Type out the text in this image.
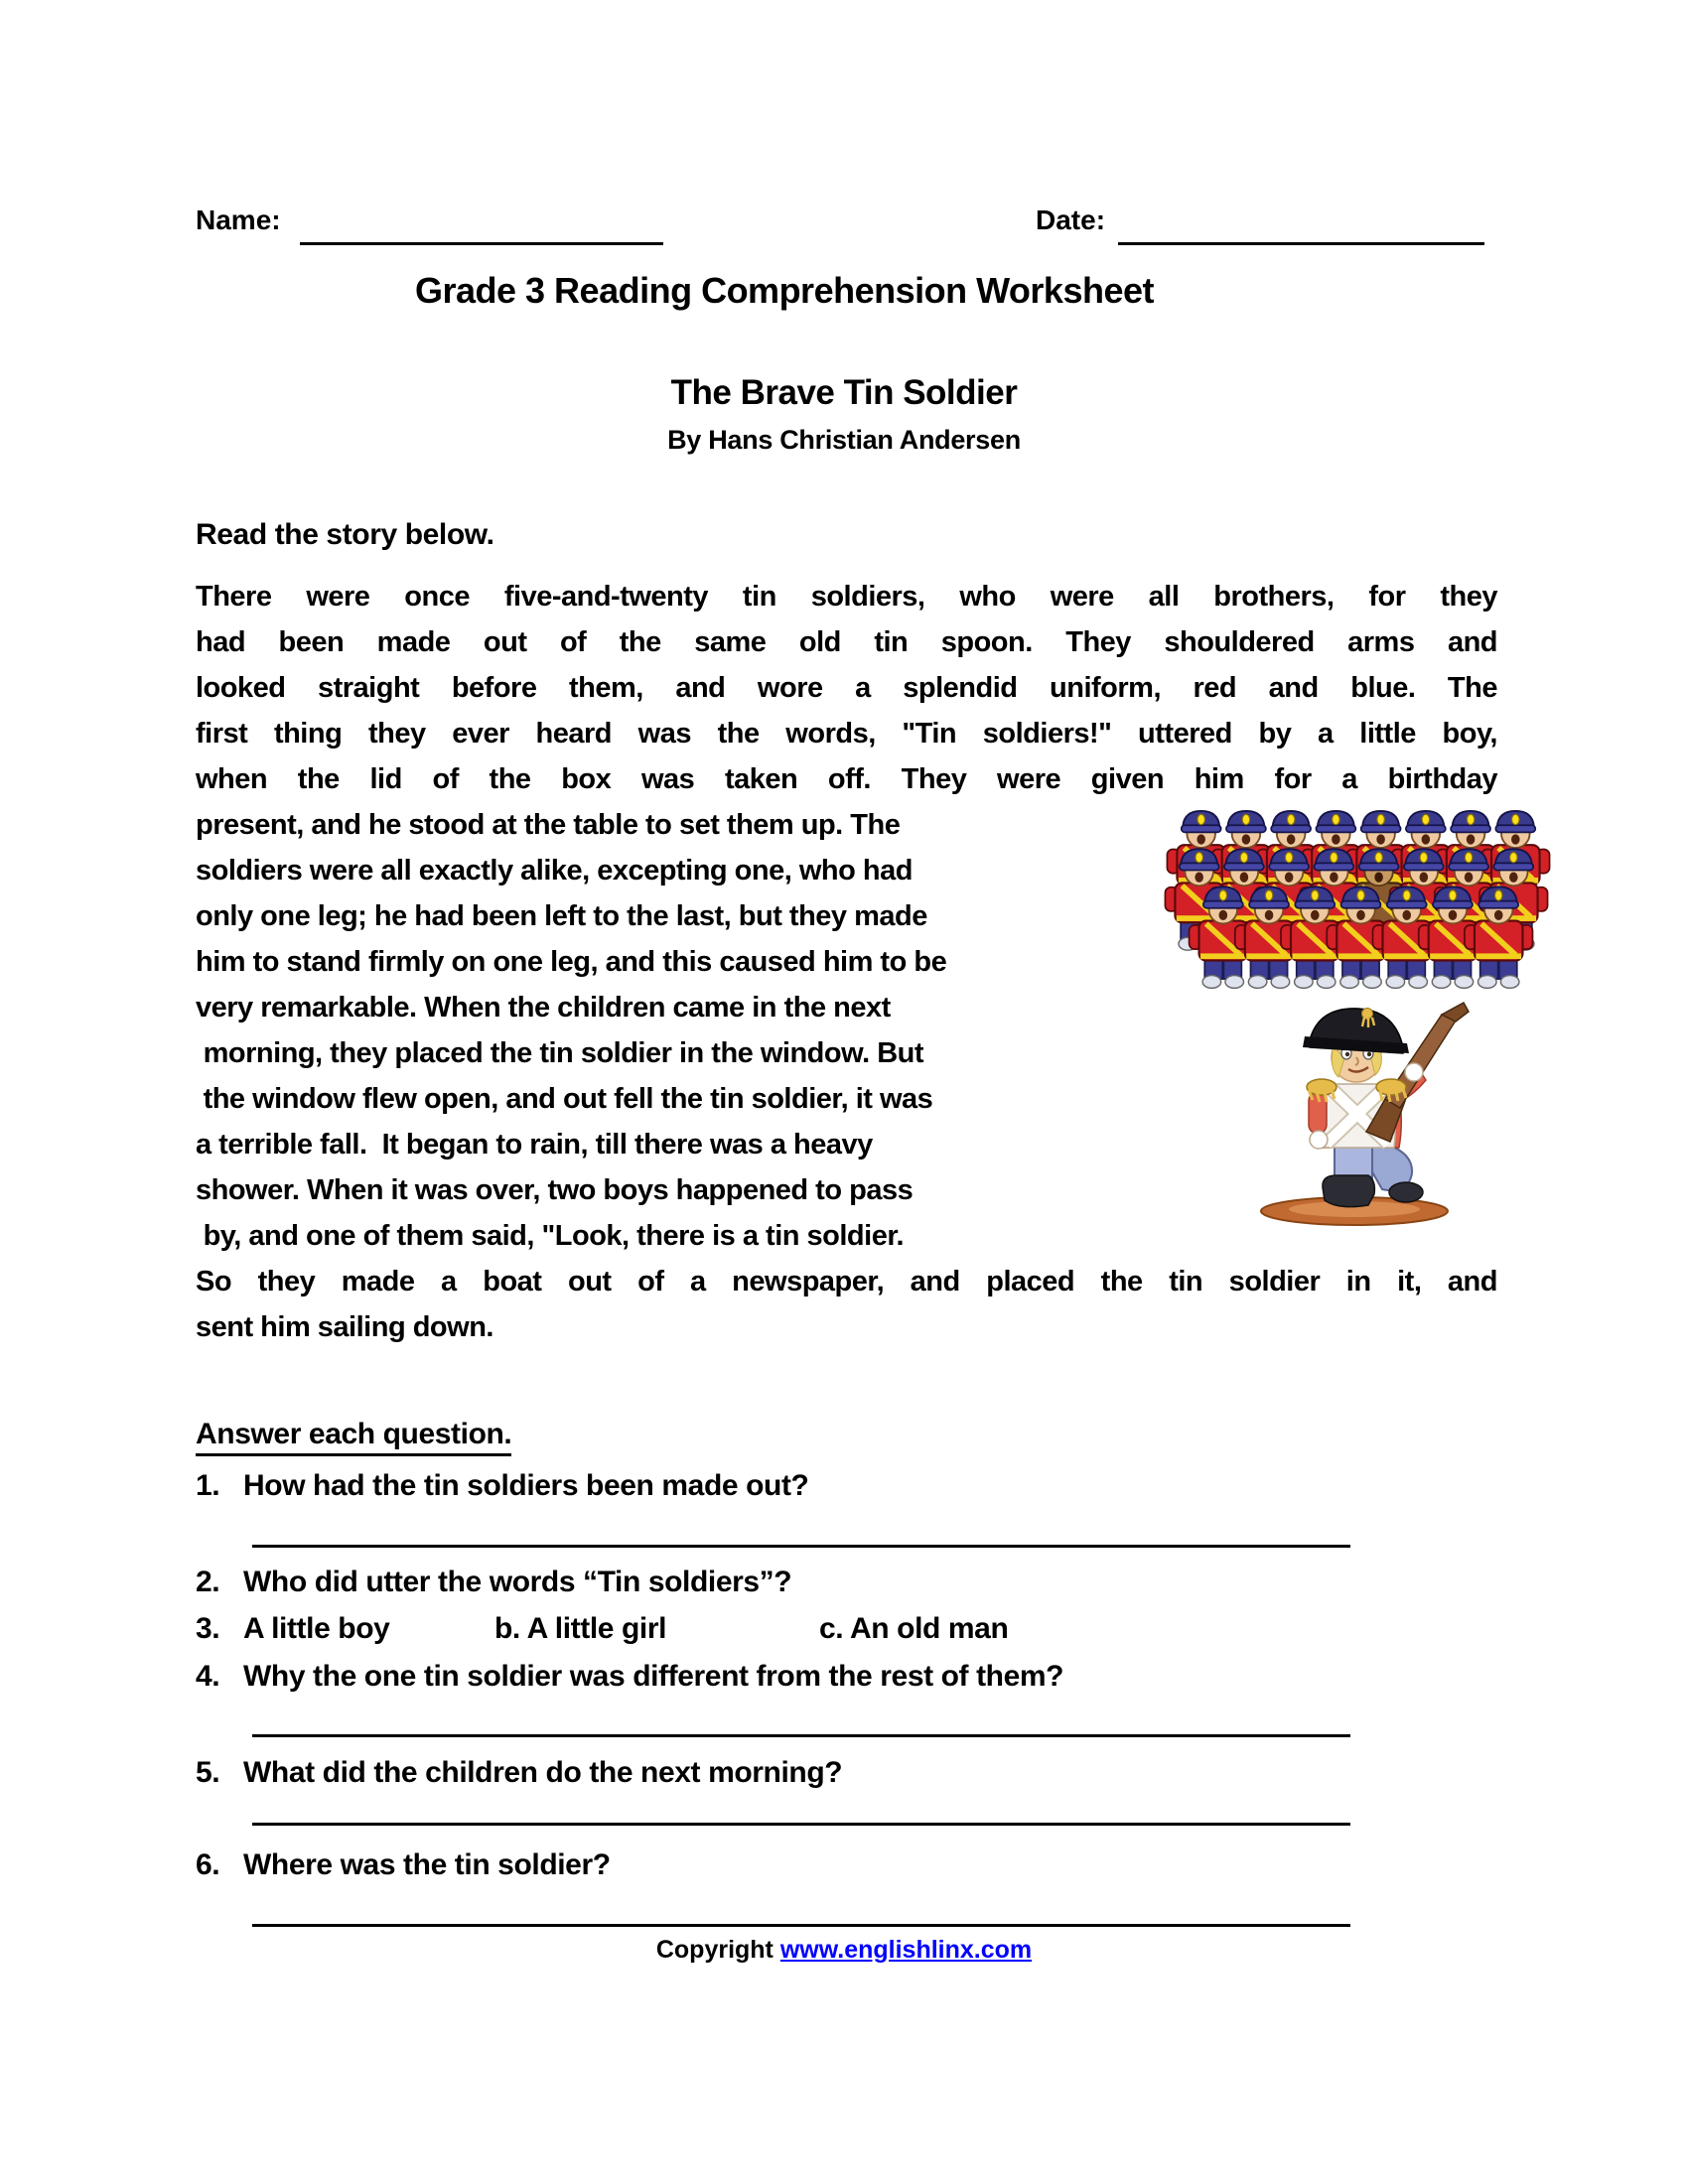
Name:	Date:
Grade 3 Reading Comprehension Worksheet
The Brave Tin Soldier
By Hans Christian Andersen
Read the story below.
There were once five-and-twenty tin soldiers, who were all brothers, for they
had been made out of the same old tin spoon. They shouldered arms and
looked straight before them, and wore a splendid uniform, red and blue. The
first thing they ever heard was the words, "Tin soldiers!" uttered by a little boy,
when the lid of the box was taken off. They were given him for a birthday
present, and he stood at the table to set them up. The
soldiers were all exactly alike, excepting one, who had
only one leg; he had been left to the last, but they made
him to stand firmly on one leg, and this caused him to be
very remarkable. When the children came in the next
morning, they placed the tin soldier in the window. But
the window flew open, and out fell the tin soldier, it was
a terrible fall.  It began to rain, till there was a heavy
shower. When it was over, two boys happened to pass
by, and one of them said, "Look, there is a tin soldier.
So they made a boat out of a newspaper, and placed the tin soldier in it, and
sent him sailing down.
Answer each question.
1. How had the tin soldiers been made out?
2. Who did utter the words “Tin soldiers”?
3. A little boy	b. A little girl	c. An old man
4. Why the one tin soldier was different from the rest of them?
5. What did the children do the next morning?
6. Where was the tin soldier?
Copyright www.englishlinx.com
